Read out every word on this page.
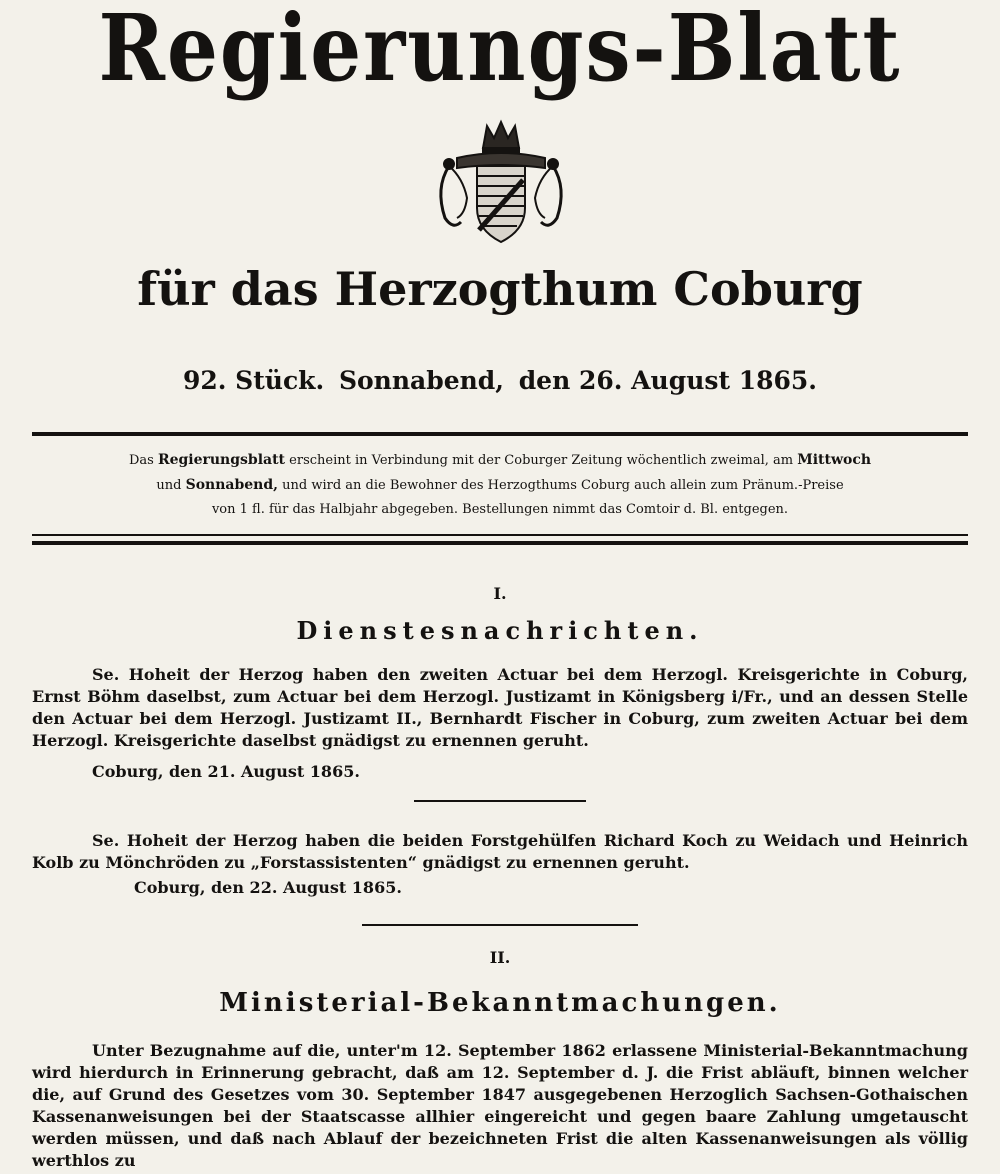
Regierungs-Blatt
für das Herzogthum Coburg
92. Stück. Sonnabend, den 26. August 1865.
Das Regierungsblatt erscheint in Verbindung mit der Coburger Zeitung wöchentlich zweimal, am Mittwoch
und Sonnabend, und wird an die Bewohner des Herzogthums Coburg auch allein zum Pränum.-Preise
von 1 fl. für das Halbjahr abgegeben. Bestellungen nimmt das Comtoir d. Bl. entgegen.
I.
Dienstesnachrichten.
Se. Hoheit der Herzog haben den zweiten Actuar bei dem Herzogl. Kreisgerichte in Coburg, Ernst Böhm daselbst, zum Actuar bei dem Herzogl. Justizamt in Königsberg i/Fr., und an dessen Stelle den Actuar bei dem Herzogl. Justizamt II., Bernhardt Fischer in Coburg, zum zweiten Actuar bei dem Herzogl. Kreisgerichte daselbst gnädigst zu ernennen geruht.
Coburg, den 21. August 1865.
Se. Hoheit der Herzog haben die beiden Forstgehülfen Richard Koch zu Weidach und Heinrich Kolb zu Mönchröden zu „Forstassistenten“ gnädigst zu ernennen geruht.
Coburg, den 22. August 1865.
II.
Ministerial-Bekanntmachungen.
Unter Bezugnahme auf die, unter'm 12. September 1862 erlassene Ministerial-Bekanntmachung wird hierdurch in Erinnerung gebracht, daß am 12. September d. J. die Frist abläuft, binnen welcher die, auf Grund des Gesetzes vom 30. September 1847 ausgegebenen Herzoglich Sachsen-Gothaischen Kassenanweisungen bei der Staatscasse allhier eingereicht und gegen baare Zahlung umgetauscht werden müssen, und daß nach Ablauf der bezeichneten Frist die alten Kassenanweisungen als völlig werthlos zu
